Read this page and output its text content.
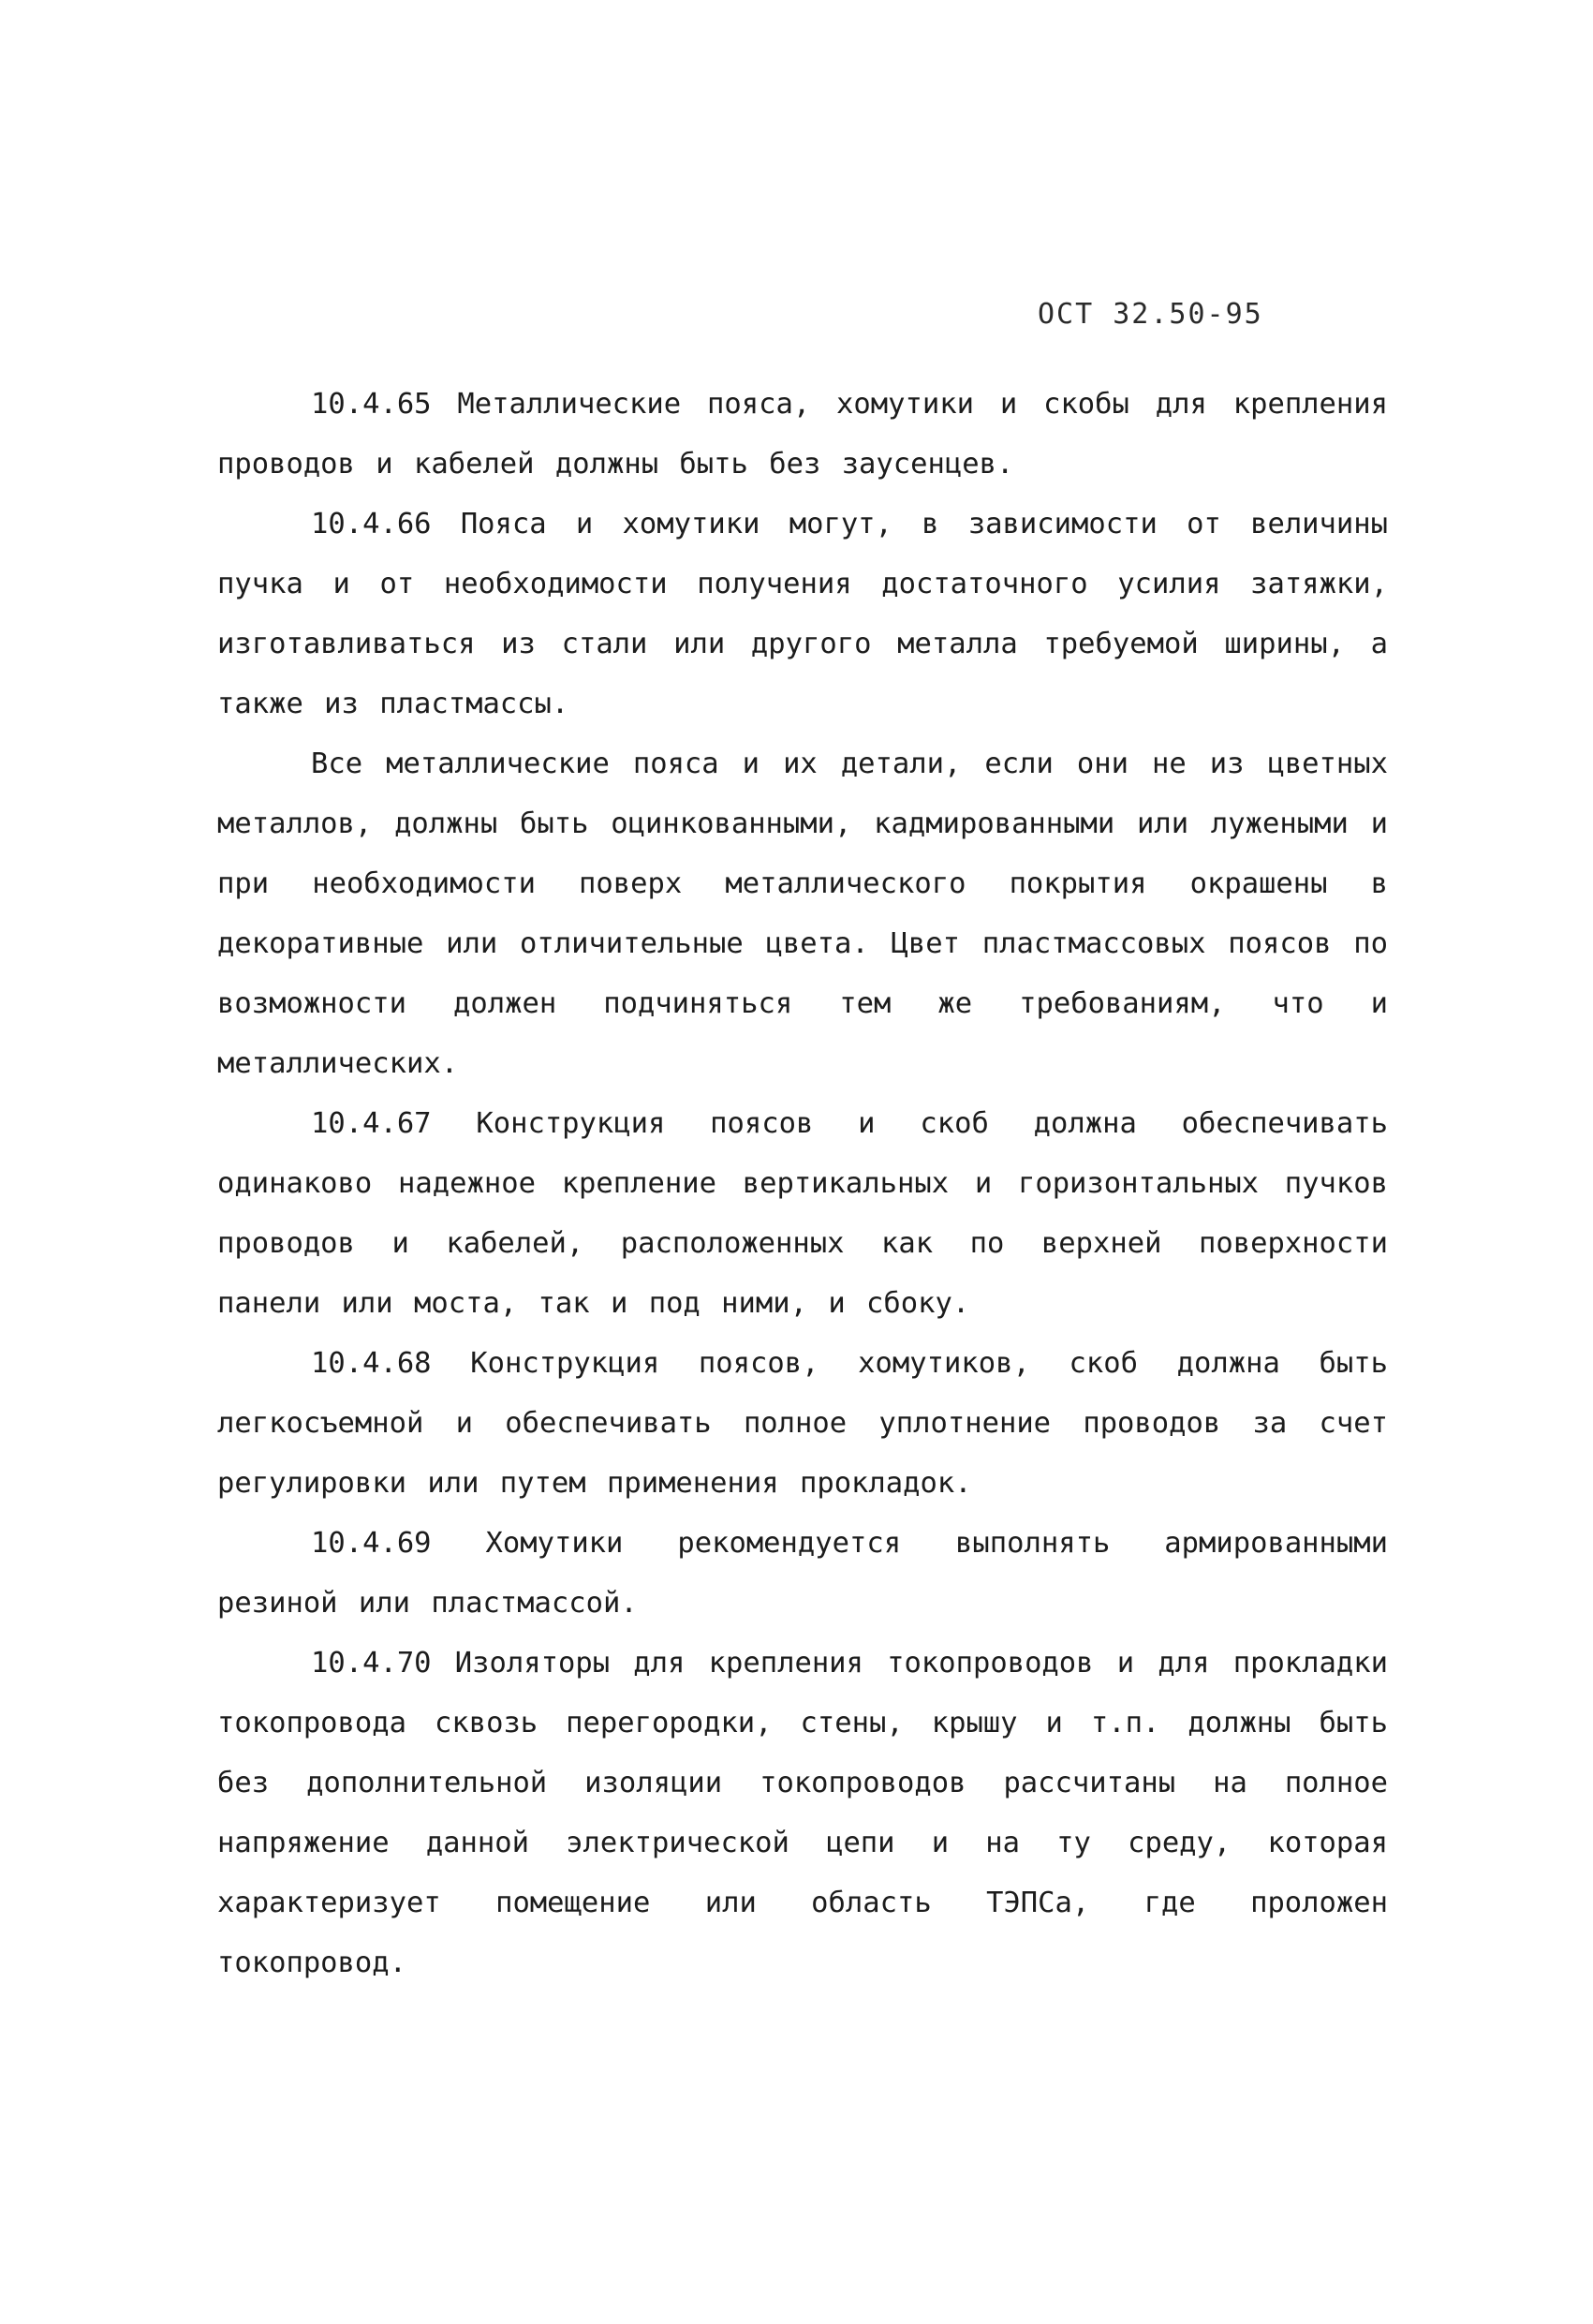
ОСТ 32.50-95

10.4.65 Металлические пояса, хомутики и скобы для крепления проводов и кабелей должны быть без заусенцев.

10.4.66 Пояса и хомутики могут, в зависимости от величины пучка и от необходимости получения достаточного усилия затяжки, изготавливаться из стали или другого металла требуемой ширины, а также из пластмассы.

Все металлические пояса и их детали, если они не из цветных металлов, должны быть оцинкованными, кадмированными или лужеными и при необходимости поверх металлического покрытия окрашены в декоративные или отличительные цвета. Цвет пластмассовых поясов по возможности должен подчиняться тем же требованиям, что и металлических.

10.4.67 Конструкция поясов и скоб должна обеспечивать одинаково надежное крепление вертикальных и горизонтальных пучков проводов и кабелей, расположенных как по верхней поверхности панели или моста, так и под ними, и сбоку.

10.4.68 Конструкция поясов, хомутиков, скоб должна быть легкосъемной и обеспечивать полное уплотнение проводов за счет регулировки или путем применения прокладок.

10.4.69 Хомутики рекомендуется выполнять армированными резиной или пластмассой.

10.4.70 Изоляторы для крепления токопроводов и для прокладки токопровода сквозь перегородки, стены, крышу и т.п. должны быть без дополнительной изоляции токопроводов рассчитаны на полное напряжение данной электрической цепи и на ту среду, которая характеризует помещение или область ТЭПСа, где проложен токопровод.
